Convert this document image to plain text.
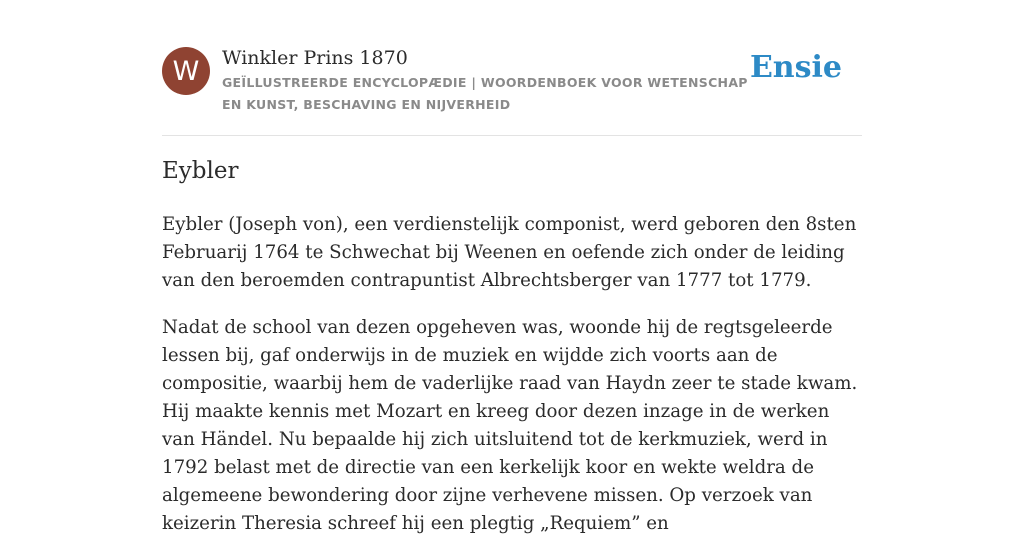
W	Winkler Prins 1870
GEÏLLUSTREERDE ENCYCLOPÆDIE | WOORDENBOEK VOOR WETENSCHAP EN KUNST, BESCHAVING EN NIJVERHEID
Ensie
Eybler

Eybler (Joseph von), een verdienstelijk componist, werd geboren den 8sten Februarij 1764 te Schwechat bij Weenen en oefende zich onder de leiding van den beroemden contrapuntist Albrechtsberger van 1777 tot 1779.

Nadat de school van dezen opgeheven was, woonde hij de regtsgeleerde lessen bij, gaf onderwijs in de muziek en wijdde zich voorts aan de compositie, waarbij hem de vaderlijke raad van Haydn zeer te stade kwam. Hij maakte kennis met Mozart en kreeg door dezen inzage in de werken van Händel. Nu bepaalde hij zich uitsluitend tot de kerkmuziek, werd in 1792 belast met de directie van een kerkelijk koor en wekte weldra de algemeene bewondering door zijne verhevene missen. Op verzoek van keizerin Theresia schreef hij een plegtig „Requiem” en
